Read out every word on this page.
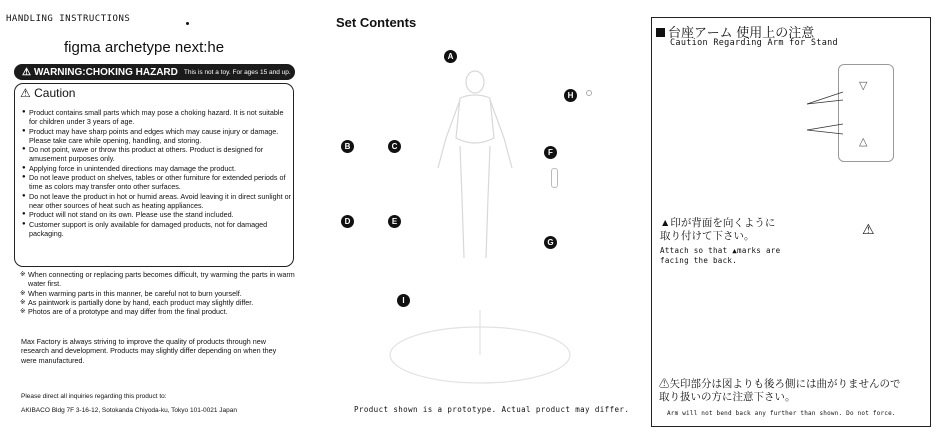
HANDLING INSTRUCTIONS
figma archetype next:he
⚠ WARNING: CHOKING HAZARD This is not a toy. For ages 15 and up.
⚠ Caution
● Product contains small parts which may pose a choking hazard. It is not suitable for children under 3 years of age.
● Product may have sharp points and edges which may cause injury or damage. Please take care while opening, handling, and storing.
● Do not point, wave or throw this product at others. Product is designed for amusement purposes only.
● Applying force in unintended directions may damage the product.
● Do not leave product on shelves, tables or other furniture for extended periods of time as colors may transfer onto other surfaces.
● Do not leave the product in hot or humid areas. Avoid leaving it in direct sunlight or near other sources of heat such as heating appliances.
● Product will not stand on its own. Please use the stand included.
● Customer support is only available for damaged products, not for damaged packaging.
※ When connecting or replacing parts becomes difficult, try warming the parts in warm water first.
※ When warming parts in this manner, be careful not to burn yourself.
※ As paintwork is partially done by hand, each product may slightly differ.
※ Photos are of a prototype and may differ from the final product.
Max Factory is always striving to improve the quality of products through new research and development. Products may slightly differ depending on when they were manufactured.
Please direct all inquiries regarding this product to:
AKIBACO Bldg 7F 3-16-12, Sotokanda Chiyoda-ku, Tokyo 101-0021 Japan
Set Contents
A
B	C
D	E
F
G
H
I
Product shown is a prototype. Actual product may differ.
台座アーム 使用上の注意
Caution Regarding Arm for Stand
▽
△
▲印が背面を向くように
取り付けて下さい。
Attach so that ▲marks are
facing the back.
⚠
⚠矢印部分は図よりも後ろ側には曲がりませんので
取り扱いの方に注意下さい。
Arm will not bend back any further than shown. Do not force.
